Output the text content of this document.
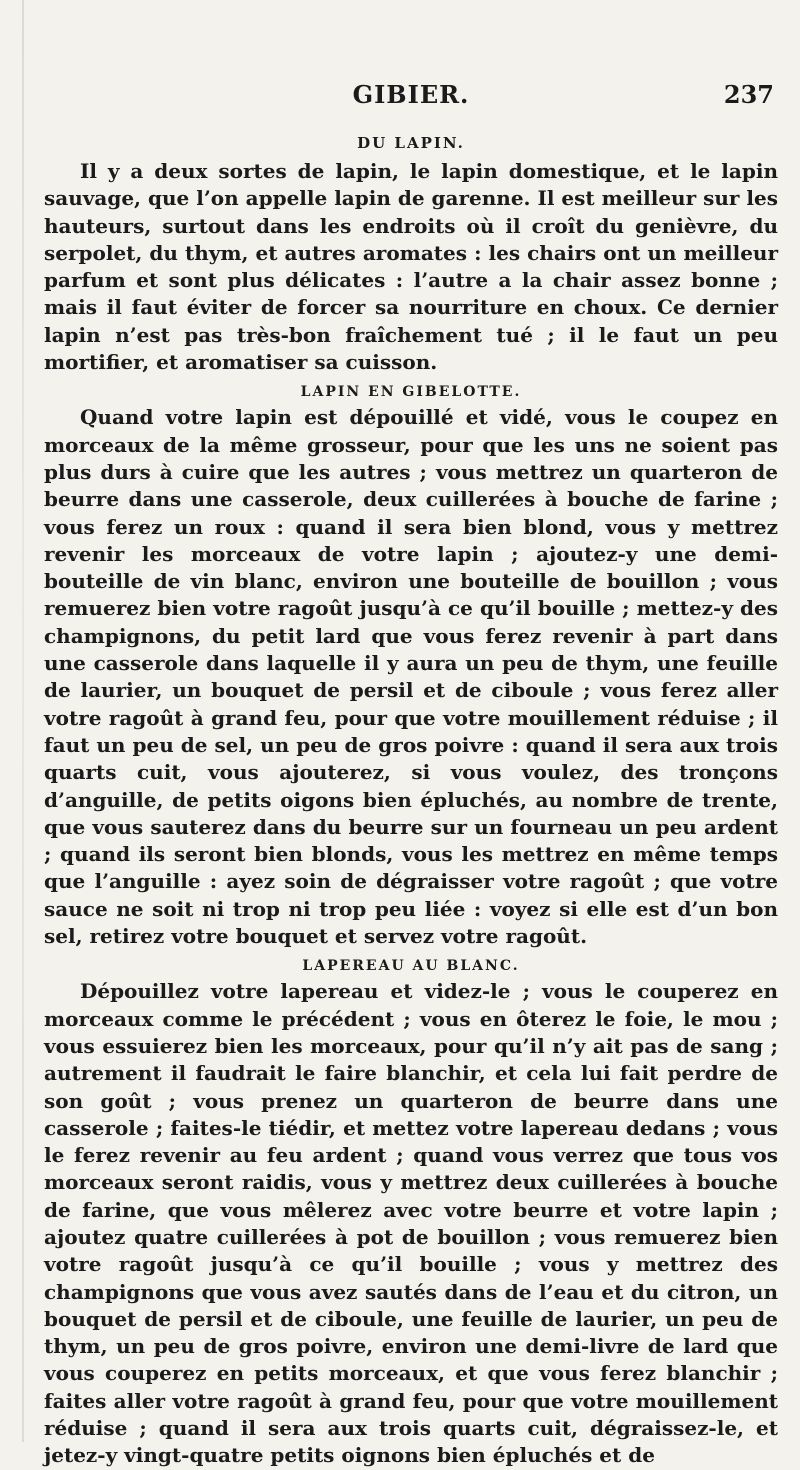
GIBIER.	237
DU LAPIN.

Il y a deux sortes de lapin, le lapin domestique, et le lapin sauvage, que l’on appelle lapin de garenne. Il est meilleur sur les hauteurs, surtout dans les endroits où il croît du genièvre, du serpolet, du thym, et autres aromates : les chairs ont un meilleur parfum et sont plus délicates : l’autre a la chair assez bonne ; mais il faut éviter de forcer sa nourriture en choux. Ce dernier lapin n’est pas très-bon fraîchement tué ; il le faut un peu mortifier, et aromatiser sa cuisson.

LAPIN EN GIBELOTTE.

Quand votre lapin est dépouillé et vidé, vous le coupez en morceaux de la même grosseur, pour que les uns ne soient pas plus durs à cuire que les autres ; vous mettrez un quarteron de beurre dans une casserole, deux cuillerées à bouche de farine ; vous ferez un roux : quand il sera bien blond, vous y mettrez revenir les morceaux de votre lapin ; ajoutez-y une demi-bouteille de vin blanc, environ une bouteille de bouillon ; vous remuerez bien votre ragoût jusqu’à ce qu’il bouille ; mettez-y des champignons, du petit lard que vous ferez revenir à part dans une casserole dans laquelle il y aura un peu de thym, une feuille de laurier, un bouquet de persil et de ciboule ; vous ferez aller votre ragoût à grand feu, pour que votre mouillement réduise ; il faut un peu de sel, un peu de gros poivre : quand il sera aux trois quarts cuit, vous ajouterez, si vous voulez, des tronçons d’anguille, de petits oigons bien épluchés, au nombre de trente, que vous sauterez dans du beurre sur un fourneau un peu ardent ; quand ils seront bien blonds, vous les mettrez en même temps que l’anguille : ayez soin de dégraisser votre ragoût ; que votre sauce ne soit ni trop ni trop peu liée : voyez si elle est d’un bon sel, retirez votre bouquet et servez votre ragoût.

LAPEREAU AU BLANC.

Dépouillez votre lapereau et videz-le ; vous le couperez en morceaux comme le précédent ; vous en ôterez le foie, le mou ; vous essuierez bien les morceaux, pour qu’il n’y ait pas de sang ; autrement il faudrait le faire blanchir, et cela lui fait perdre de son goût ; vous prenez un quarteron de beurre dans une casserole ; faites-le tiédir, et mettez votre lapereau dedans ; vous le ferez revenir au feu ardent ; quand vous verrez que tous vos morceaux seront raidis, vous y mettrez deux cuillerées à bouche de farine, que vous mêlerez avec votre beurre et votre lapin ; ajoutez quatre cuillerées à pot de bouillon ; vous remuerez bien votre ragoût jusqu’à ce qu’il bouille ; vous y mettrez des champignons que vous avez sautés dans de l’eau et du citron, un bouquet de persil et de ciboule, une feuille de laurier, un peu de thym, un peu de gros poivre, environ une demi-livre de lard que vous couperez en petits morceaux, et que vous ferez blanchir ; faites aller votre ragoût à grand feu, pour que votre mouillement réduise ; quand il sera aux trois quarts cuit, dégraissez-le, et jetez-y vingt-quatre petits oignons bien épluchés et de
